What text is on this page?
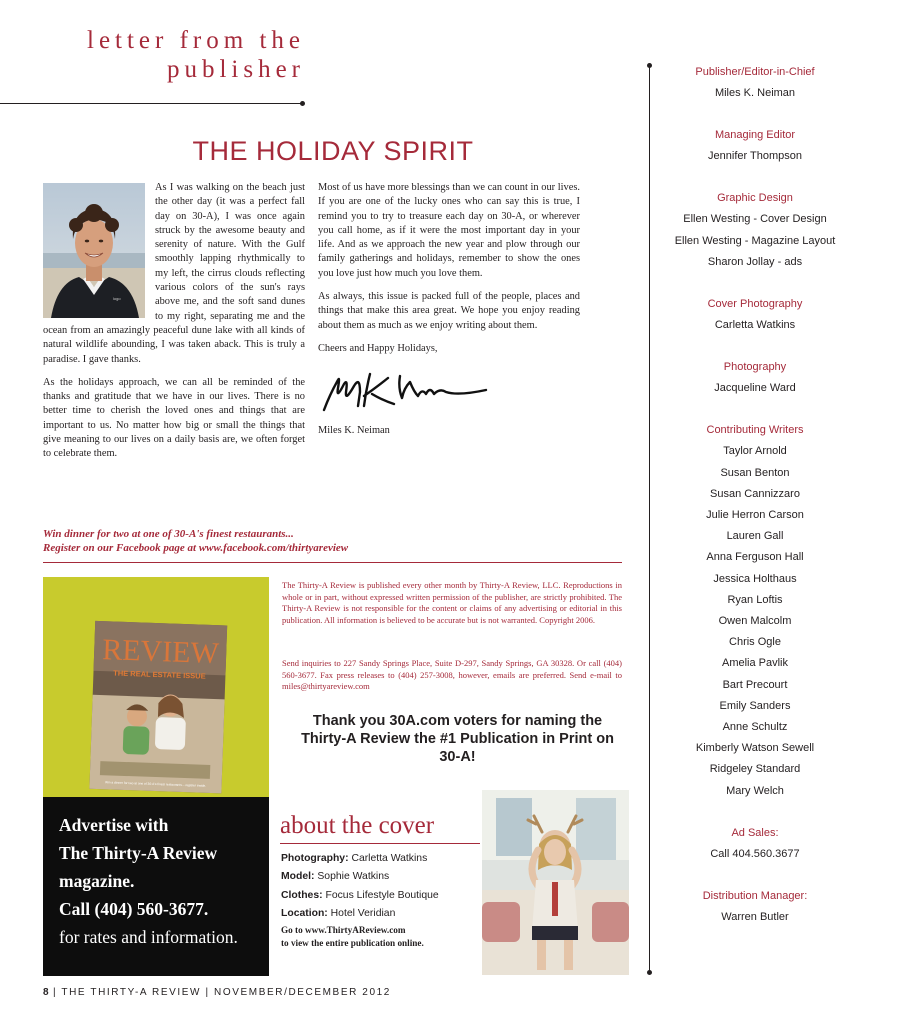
letter from the
publisher
THE HOLIDAY SPIRIT
logo

As I was walking on the beach just the other day (it was a perfect fall day on 30-A), I was once again struck by the awesome beauty and serenity of nature. With the Gulf smoothly lapping rhythmically to my left, the cirrus clouds reflecting various colors of the sun's rays above me, and the soft sand dunes to my right, separating me and the ocean from an amazingly peaceful dune lake with all kinds of natural wildlife abounding, I was taken aback. This is truly a paradise. I gave thanks.

As the holidays approach, we can all be reminded of the thanks and gratitude that we have in our lives. There is no better time to cherish the loved ones and things that are important to us. No matter how big or small the things that give meaning to our lives on a daily basis are, we often forget to celebrate them.

Most of us have more blessings than we can count in our lives. If you are one of the lucky ones who can say this is true, I remind you to try to treasure each day on 30-A, or wherever you call home, as if it were the most important day in your life. And as we approach the new year and plow through our family gatherings and holidays, remember to show the ones you love just how much you love them.

As always, this issue is packed full of the people, places and things that make this area great. We hope you enjoy reading about them as much as we enjoy writing about them.

Cheers and Happy Holidays,

Miles K. Neiman

Win dinner for two at one of 30-A's finest restaurants...
Register on our Facebook page at www.facebook.com/thirtyareview
REVIEW
THE REAL ESTATE ISSUE
Win a dinner for two at one of 30-A's finest restaurants... register inside.
Advertise with
The Thirty-A Review
magazine.
Call (404) 560-3677.
for rates and information.

The Thirty-A Review is published every other month by Thirty-A Review, LLC. Reproductions in whole or in part, without expressed written permission of the publisher, are strictly prohibited. The Thirty-A Review is not responsible for the content or claims of any advertising or editorial in this publication. All information is believed to be accurate but is not warranted. Copyright 2006.

Send inquiries to 227 Sandy Springs Place, Suite D-297, Sandy Springs, GA 30328. Or call (404) 560-3677. Fax press releases to (404) 257-3008, however, emails are preferred. Send e-mail to miles@thirtyareview.com

Thank you 30A.com voters for naming the Thirty-A Review the #1 Publication in Print on 30-A!

about the cover
Photography: Carletta Watkins
Model: Sophie Watkins
Clothes: Focus Lifestyle Boutique
Location: Hotel Veridian
Go to www.ThirtyAReview.com
to view the entire publication online.
8 | THE THIRTY-A REVIEW | NOVEMBER/DECEMBER 2012
Publisher/Editor-in-Chief
Miles K. Neiman
Managing Editor
Jennifer Thompson
Graphic Design
Ellen Westing - Cover Design
Ellen Westing - Magazine Layout
Sharon Jollay - ads
Cover Photography
Carletta Watkins
Photography
Jacqueline Ward
Contributing Writers
Taylor Arnold
Susan Benton
Susan Cannizzaro
Julie Herron Carson
Lauren Gall
Anna Ferguson Hall
Jessica Holthaus
Ryan Loftis
Owen Malcolm
Chris Ogle
Amelia Pavlik
Bart Precourt
Emily Sanders
Anne Schultz
Kimberly Watson Sewell
Ridgeley Standard
Mary Welch
Ad Sales:
Call 404.560.3677
Distribution Manager:
Warren Butler
